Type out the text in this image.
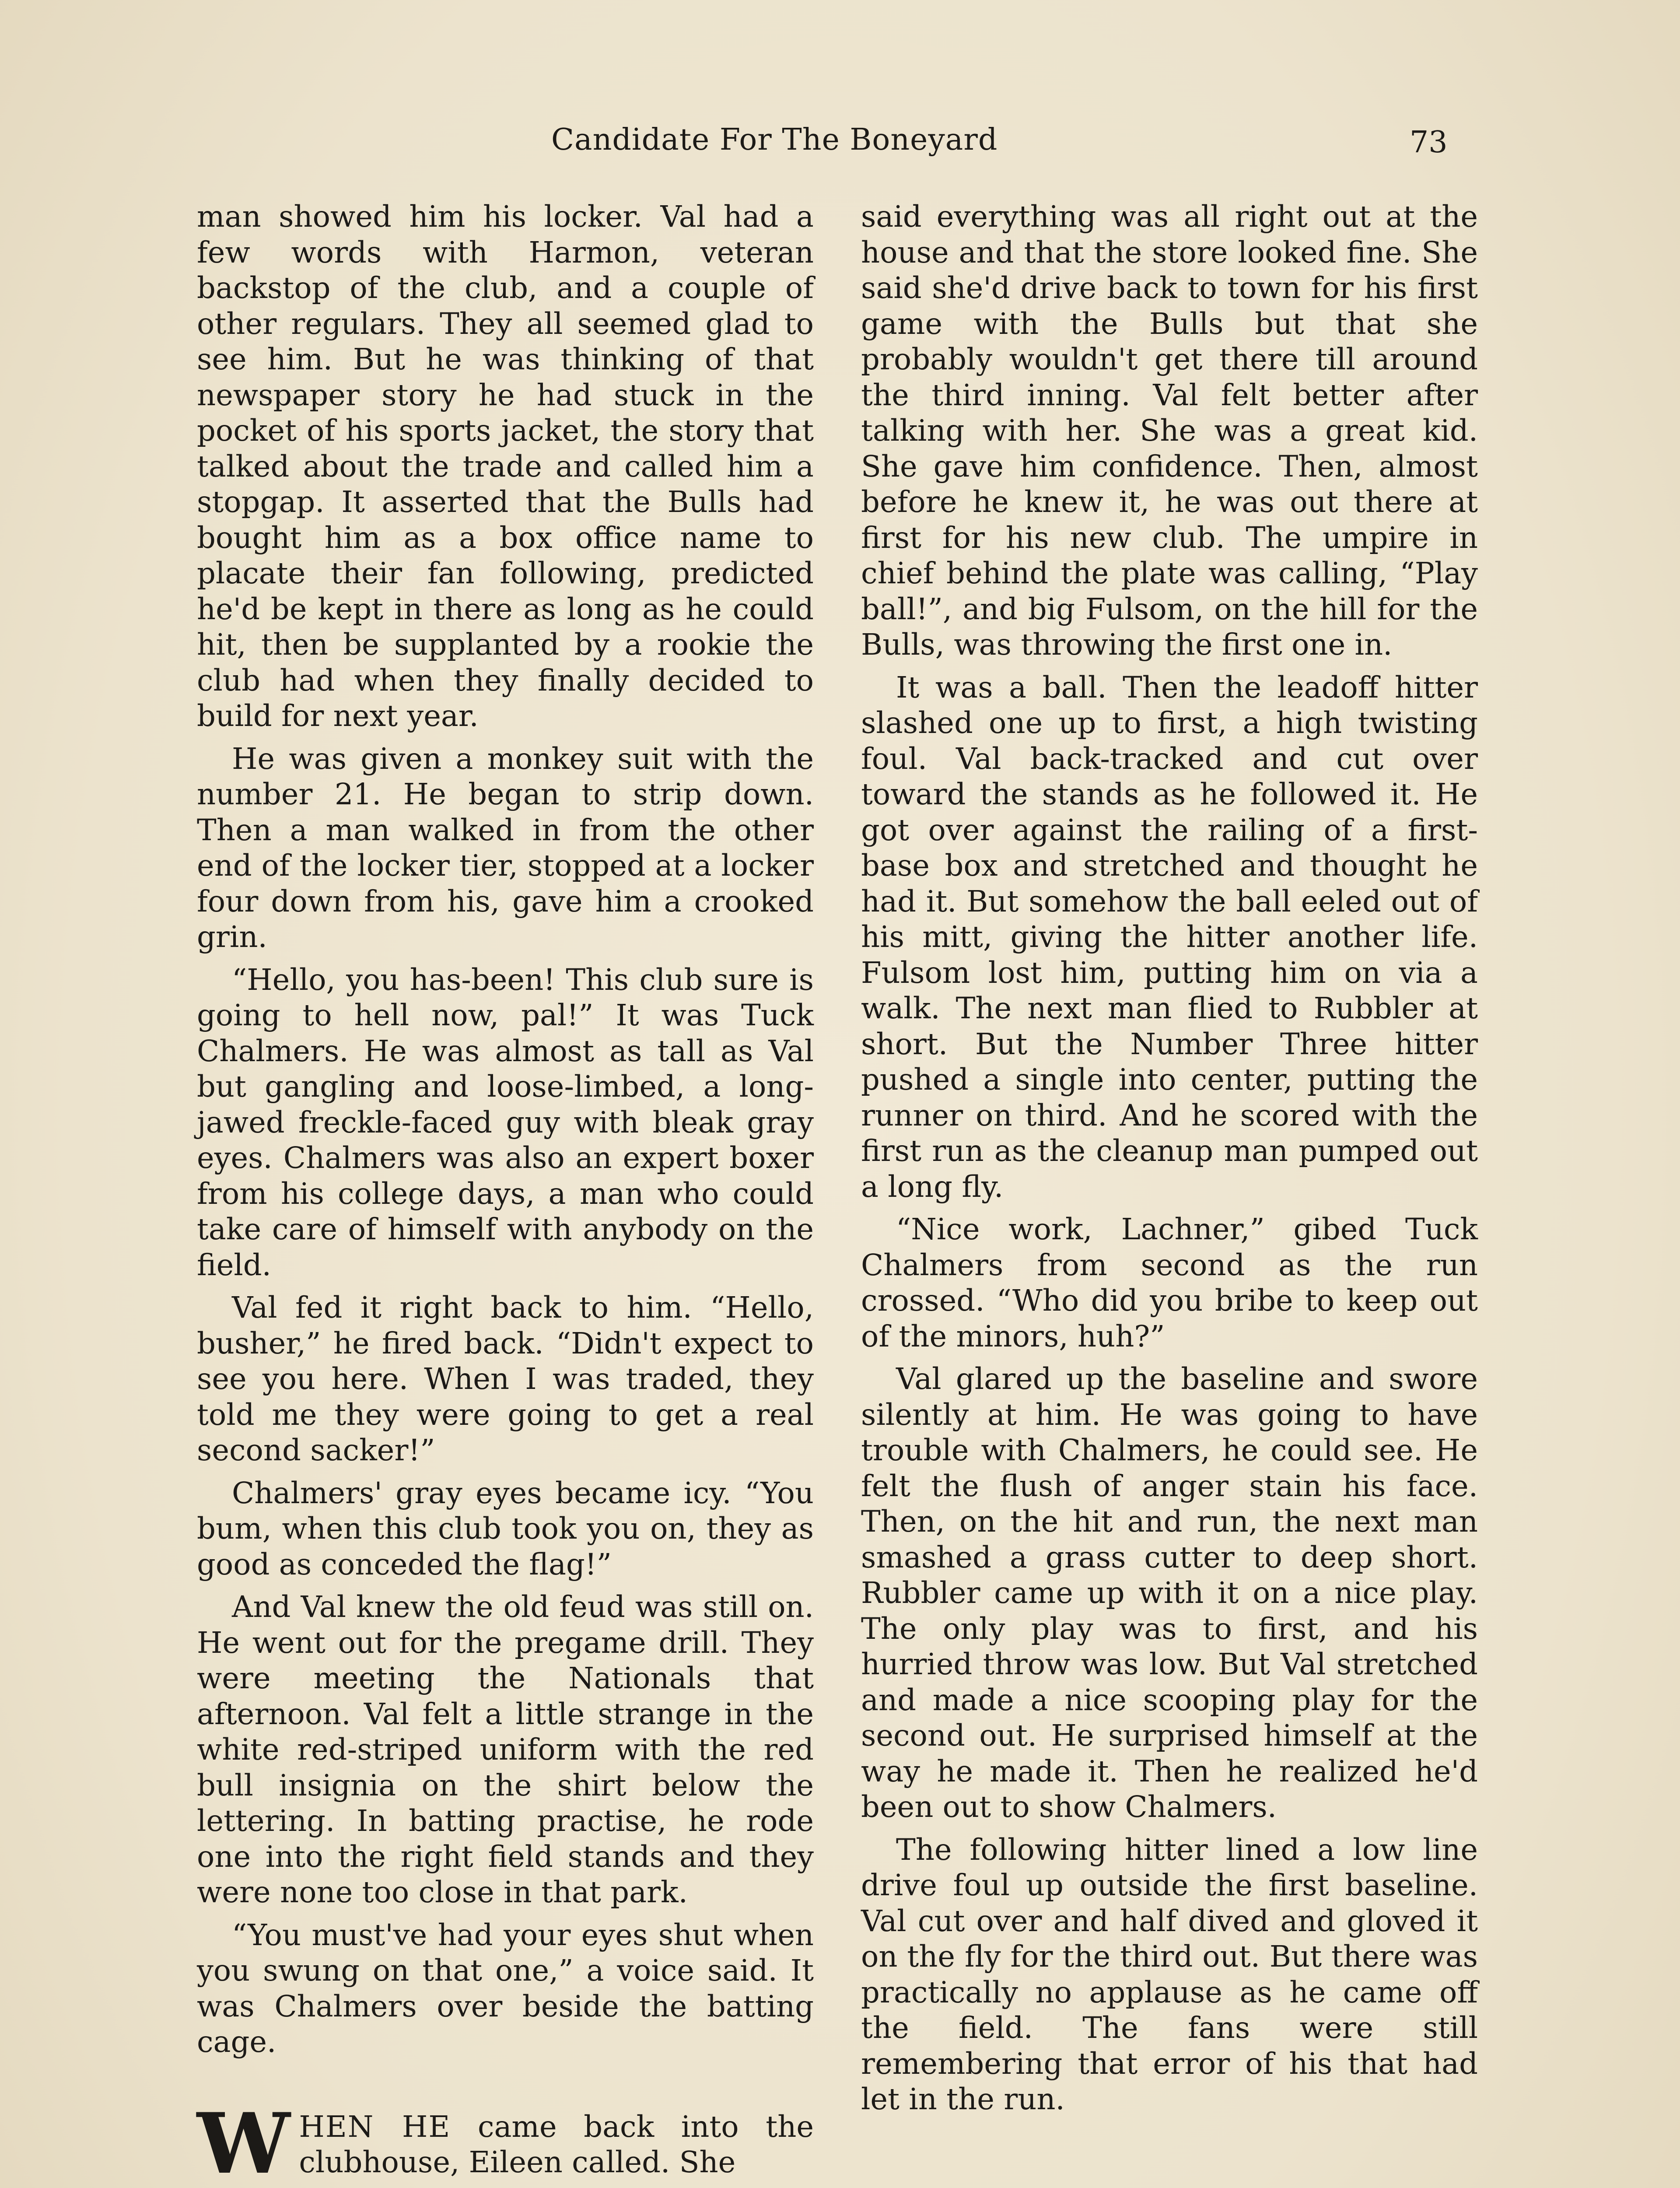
Candidate For The Boneyard	73

man showed him his locker. Val had a few words with Harmon, veteran backstop of the club, and a couple of other regulars. They all seemed glad to see him. But he was thinking of that newspaper story he had stuck in the pocket of his sports jacket, the story that talked about the trade and called him a stopgap. It asserted that the Bulls had bought him as a box office name to placate their fan following, predicted he'd be kept in there as long as he could hit, then be supplanted by a rookie the club had when they finally decided to build for next year.

He was given a monkey suit with the number 21. He began to strip down. Then a man walked in from the other end of the locker tier, stopped at a locker four down from his, gave him a crooked grin.

“Hello, you has-been! This club sure is going to hell now, pal!” It was Tuck Chalmers. He was almost as tall as Val but gangling and loose-limbed, a long-jawed freckle-faced guy with bleak gray eyes. Chalmers was also an expert boxer from his college days, a man who could take care of himself with anybody on the field.

Val fed it right back to him. “Hello, busher,” he fired back. “Didn't expect to see you here. When I was traded, they told me they were going to get a real second sacker!”

Chalmers' gray eyes became icy. “You bum, when this club took you on, they as good as conceded the flag!”

And Val knew the old feud was still on. He went out for the pregame drill. They were meeting the Nationals that afternoon. Val felt a little strange in the white red-striped uniform with the red bull insignia on the shirt below the lettering. In batting practise, he rode one into the right field stands and they were none too close in that park.

“You must've had your eyes shut when you swung on that one,” a voice said. It was Chalmers over beside the batting cage.

WHEN HE came back into the clubhouse, Eileen called. She

said everything was all right out at the house and that the store looked fine. She said she'd drive back to town for his first game with the Bulls but that she probably wouldn't get there till around the third inning. Val felt better after talking with her. She was a great kid. She gave him confidence. Then, almost before he knew it, he was out there at first for his new club. The umpire in chief behind the plate was calling, “Play ball!”, and big Fulsom, on the hill for the Bulls, was throwing the first one in.

It was a ball. Then the leadoff hitter slashed one up to first, a high twisting foul. Val back-tracked and cut over toward the stands as he followed it. He got over against the railing of a first-base box and stretched and thought he had it. But somehow the ball eeled out of his mitt, giving the hitter another life. Fulsom lost him, putting him on via a walk. The next man flied to Rubbler at short. But the Number Three hitter pushed a single into center, putting the runner on third. And he scored with the first run as the cleanup man pumped out a long fly.

“Nice work, Lachner,” gibed Tuck Chalmers from second as the run crossed. “Who did you bribe to keep out of the minors, huh?”

Val glared up the baseline and swore silently at him. He was going to have trouble with Chalmers, he could see. He felt the flush of anger stain his face. Then, on the hit and run, the next man smashed a grass cutter to deep short. Rubbler came up with it on a nice play. The only play was to first, and his hurried throw was low. But Val stretched and made a nice scooping play for the second out. He surprised himself at the way he made it. Then he realized he'd been out to show Chalmers.

The following hitter lined a low line drive foul up outside the first baseline. Val cut over and half dived and gloved it on the fly for the third out. But there was practically no applause as he came off the field. The fans were still remembering that error of his that had let in the run.
